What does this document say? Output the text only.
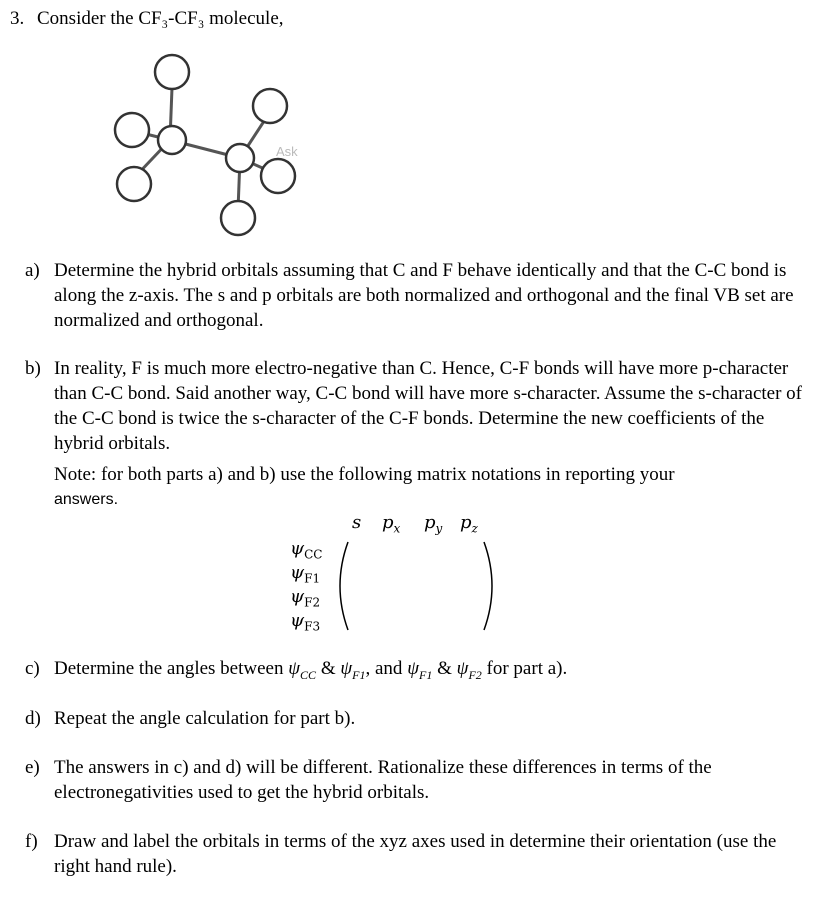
3. Consider the CF₃-CF₃ molecule,
Ask
a) Determine the hybrid orbitals assuming that C and F behave identically and that the C-C bond is along the z-axis. The s and p orbitals are both normalized and orthogonal and the final VB set are normalized and orthogonal.
b) In reality, F is much more electro-negative than C. Hence, C-F bonds will have more p-character than C-C bond. Said another way, C-C bond will have more s-character. Assume the s-character of the C-C bond is twice the s-character of the C-F bonds. Determine the new coefficients of the hybrid orbitals.
Note: for both parts a) and b) use the following matrix notations in reporting your
answers.
s $p_x$ $p_y$ $p_z$
$\psi_{CC}$
$\psi_{F1}$
$\psi_{F2}$
$\psi_{F3}$
c) Determine the angles between $\psi_{CC}$ & $\psi_{F1}$, and $\psi_{F1}$ & $\psi_{F2}$ for part a).
d) Repeat the angle calculation for part b).
e) The answers in c) and d) will be different. Rationalize these differences in terms of the electronegativities used to get the hybrid orbitals.
f) Draw and label the orbitals in terms of the xyz axes used in determine their orientation (use the right hand rule).
